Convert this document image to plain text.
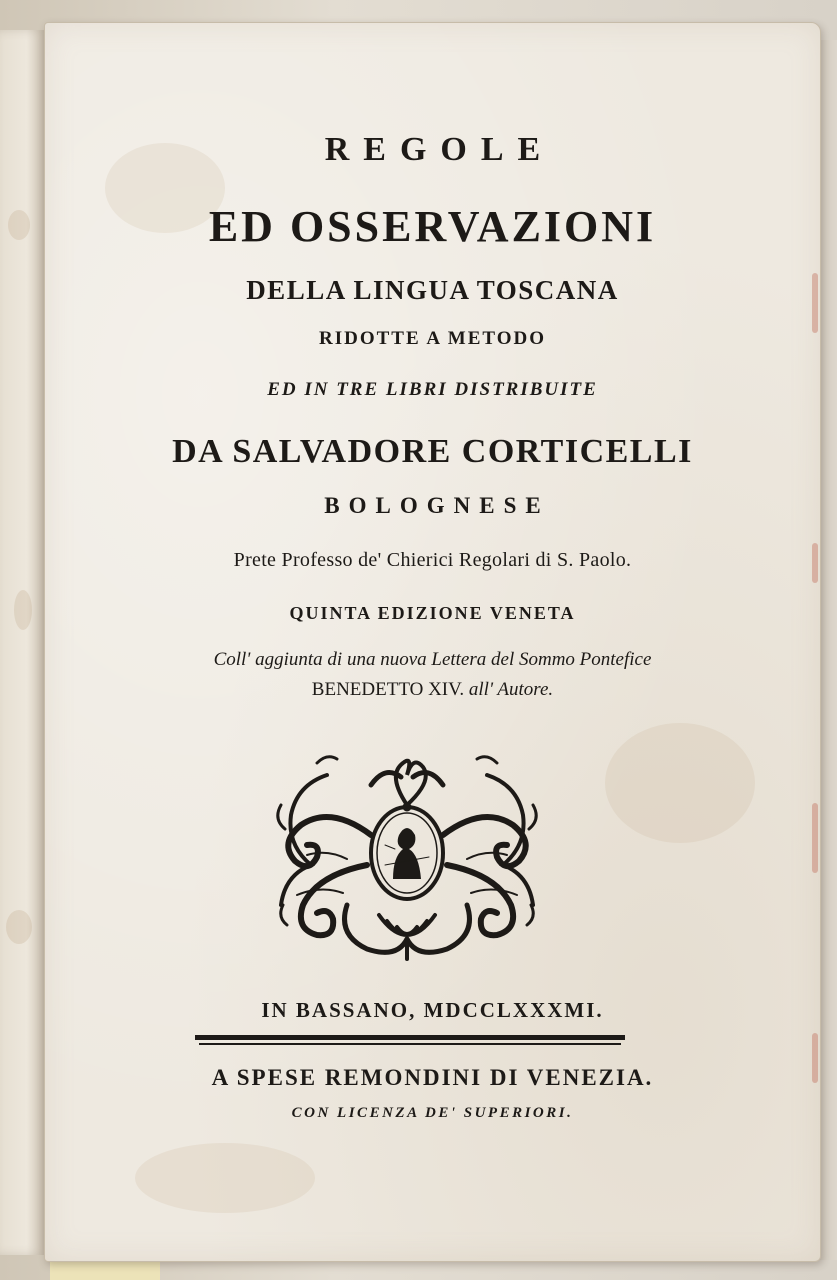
REGOLE
ED OSSERVAZIONI
DELLA LINGUA TOSCANA
RIDOTTE A METODO
ED IN TRE LIBRI DISTRIBUITE
DA SALVADORE CORTICELLI
BOLOGNESE
Prete Professo de' Chierici Regolari di S. Paolo.
QUINTA EDIZIONE VENETA
Coll' aggiunta di una nuova Lettera del Sommo Pontefice
BENEDETTO XIV. all' Autore.
IN BASSANO, MDCCLXXXMI.
A SPESE REMONDINI DI VENEZIA.
CON LICENZA DE' SUPERIORI.
